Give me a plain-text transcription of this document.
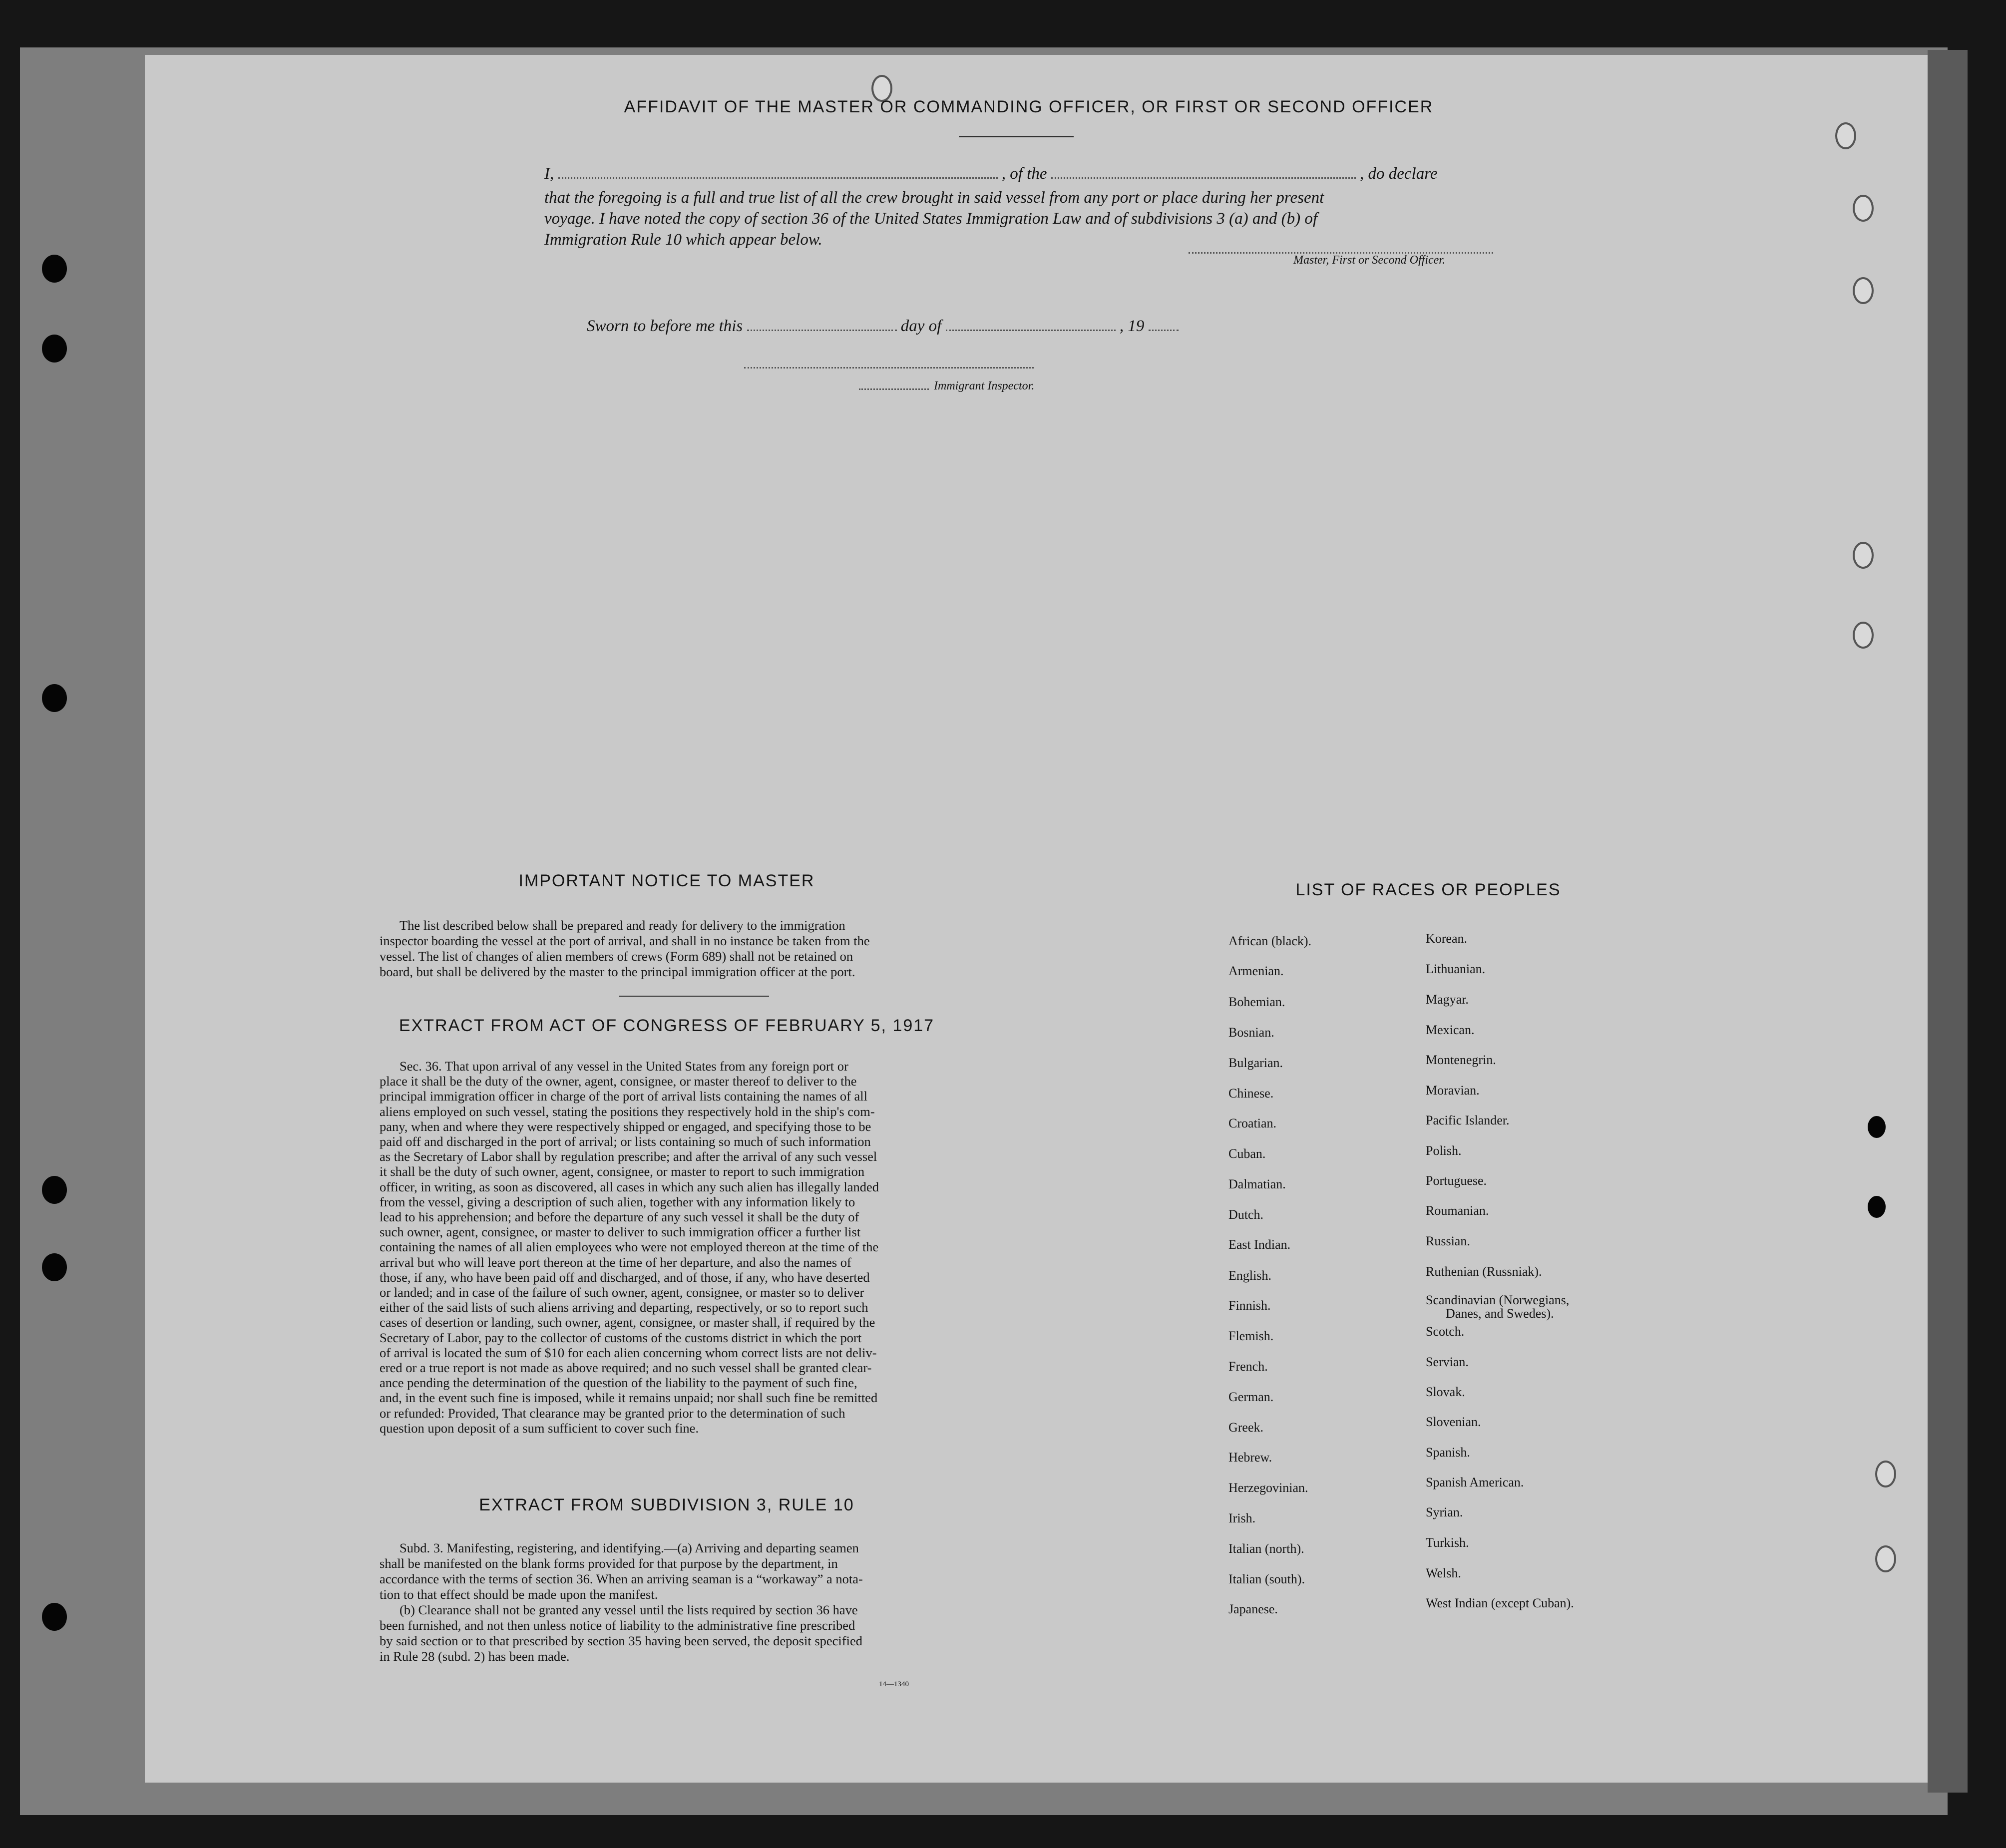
AFFIDAVIT OF THE MASTER OR COMMANDING OFFICER, OR FIRST OR SECOND OFFICER
I,	, of the	, do declare
that the foregoing is a full and true list of all the crew brought in said vessel from any port or place during her present
voyage. I have noted the copy of section 36 of the United States Immigration Law and of subdivisions 3 (a) and (b) of
Immigration Rule 10 which appear below.
Master, First or Second Officer.
Sworn to before me this	day of	, 19
Immigrant Inspector.
IMPORTANT NOTICE TO MASTER
The list described below shall be prepared and ready for delivery to the immigration
inspector boarding the vessel at the port of arrival, and shall in no instance be taken from the
vessel. The list of changes of alien members of crews (Form 689) shall not be retained on
board, but shall be delivered by the master to the principal immigration officer at the port.
EXTRACT FROM ACT OF CONGRESS OF FEBRUARY 5, 1917
Sec. 36. That upon arrival of any vessel in the United States from any foreign port or
place it shall be the duty of the owner, agent, consignee, or master thereof to deliver to the
principal immigration officer in charge of the port of arrival lists containing the names of all
aliens employed on such vessel, stating the positions they respectively hold in the ship's com-
pany, when and where they were respectively shipped or engaged, and specifying those to be
paid off and discharged in the port of arrival; or lists containing so much of such information
as the Secretary of Labor shall by regulation prescribe; and after the arrival of any such vessel
it shall be the duty of such owner, agent, consignee, or master to report to such immigration
officer, in writing, as soon as discovered, all cases in which any such alien has illegally landed
from the vessel, giving a description of such alien, together with any information likely to
lead to his apprehension; and before the departure of any such vessel it shall be the duty of
such owner, agent, consignee, or master to deliver to such immigration officer a further list
containing the names of all alien employees who were not employed thereon at the time of the
arrival but who will leave port thereon at the time of her departure, and also the names of
those, if any, who have been paid off and discharged, and of those, if any, who have deserted
or landed; and in case of the failure of such owner, agent, consignee, or master so to deliver
either of the said lists of such aliens arriving and departing, respectively, or so to report such
cases of desertion or landing, such owner, agent, consignee, or master shall, if required by the
Secretary of Labor, pay to the collector of customs of the customs district in which the port
of arrival is located the sum of $10 for each alien concerning whom correct lists are not deliv-
ered or a true report is not made as above required; and no such vessel shall be granted clear-
ance pending the determination of the question of the liability to the payment of such fine,
and, in the event such fine is imposed, while it remains unpaid; nor shall such fine be remitted
or refunded: Provided, That clearance may be granted prior to the determination of such
question upon deposit of a sum sufficient to cover such fine.
EXTRACT FROM SUBDIVISION 3, RULE 10
Subd. 3. Manifesting, registering, and identifying.—(a) Arriving and departing seamen
shall be manifested on the blank forms provided for that purpose by the department, in
accordance with the terms of section 36. When an arriving seaman is a “workaway” a nota-
tion to that effect should be made upon the manifest.
(b) Clearance shall not be granted any vessel until the lists required by section 36 have
been furnished, and not then unless notice of liability to the administrative fine prescribed
by said section or to that prescribed by section 35 having been served, the deposit specified
in Rule 28 (subd. 2) has been made.
14—1340
LIST OF RACES OR PEOPLES
African (black).
Armenian.
Bohemian.
Bosnian.
Bulgarian.
Chinese.
Croatian.
Cuban.
Dalmatian.
Dutch.
East Indian.
English.
Finnish.
Flemish.
French.
German.
Greek.
Hebrew.
Herzegovinian.
Irish.
Italian (north).
Italian (south).
Japanese.
Korean.
Lithuanian.
Magyar.
Mexican.
Montenegrin.
Moravian.
Pacific Islander.
Polish.
Portuguese.
Roumanian.
Russian.
Ruthenian (Russniak).
Scandinavian (Norwegians,
Danes, and Swedes).
Scotch.
Servian.
Slovak.
Slovenian.
Spanish.
Spanish American.
Syrian.
Turkish.
Welsh.
West Indian (except Cuban).
